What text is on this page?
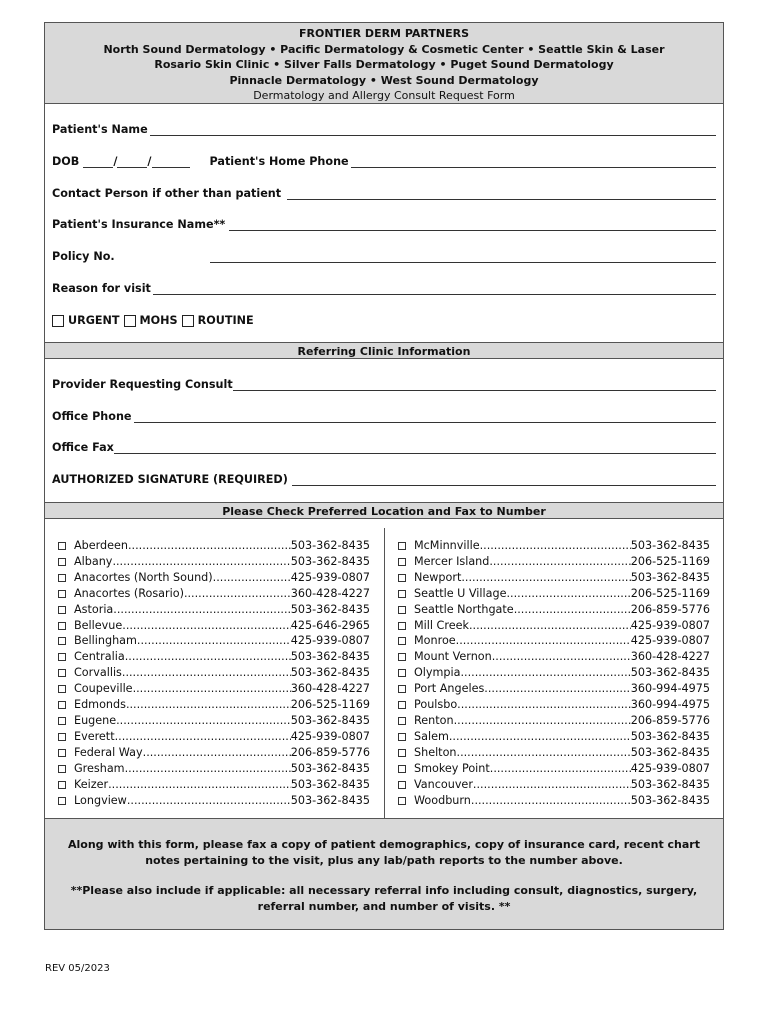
FRONTIER DERM PARTNERS
North Sound Dermatology • Pacific Dermatology & Cosmetic Center • Seattle Skin & Laser
Rosario Skin Clinic • Silver Falls Dermatology • Puget Sound Dermatology
Pinnacle Dermatology • West Sound Dermatology
Dermatology and Allergy Consult Request Form
Patient's Name
DOB	/	/	Patient's Home Phone
Contact Person if other than patient
Patient's Insurance Name**
Policy No.
Reason for visit
URGENT MOHS ROUTINE
Referring Clinic Information
Provider Requesting Consult
Office Phone
Office Fax
AUTHORIZED SIGNATURE (REQUIRED)
Please Check Preferred Location and Fax to Number
Aberdeen .....	503-362-8435
Albany .....	503-362-8435
Anacortes (North Sound) .....	425-939-0807
Anacortes (Rosario) .....	360-428-4227
Astoria .....	503-362-8435
Bellevue .....	425-646-2965
Bellingham .....	425-939-0807
Centralia .....	503-362-8435
Corvallis .....	503-362-8435
Coupeville .....	360-428-4227
Edmonds .....	206-525-1169
Eugene .....	503-362-8435
Everett .....	425-939-0807
Federal Way .....	206-859-5776
Gresham .....	503-362-8435
Keizer .....	503-362-8435
Longview .....	503-362-8435
McMinnville .....	503-362-8435
Mercer Island .....	206-525-1169
Newport .....	503-362-8435
Seattle U Village .....	206-525-1169
Seattle Northgate .....	206-859-5776
Mill Creek .....	425-939-0807
Monroe .....	425-939-0807
Mount Vernon .....	360-428-4227
Olympia .....	503-362-8435
Port Angeles .....	360-994-4975
Poulsbo .....	360-994-4975
Renton .....	206-859-5776
Salem .....	503-362-8435
Shelton .....	503-362-8435
Smokey Point .....	425-939-0807
Vancouver .....	503-362-8435
Woodburn .....	503-362-8435
Along with this form, please fax a copy of patient demographics, copy of insurance card, recent chart notes pertaining to the visit, plus any lab/path reports to the number above.
**Please also include if applicable: all necessary referral info including consult, diagnostics, surgery, referral number, and number of visits. **
REV 05/2023
